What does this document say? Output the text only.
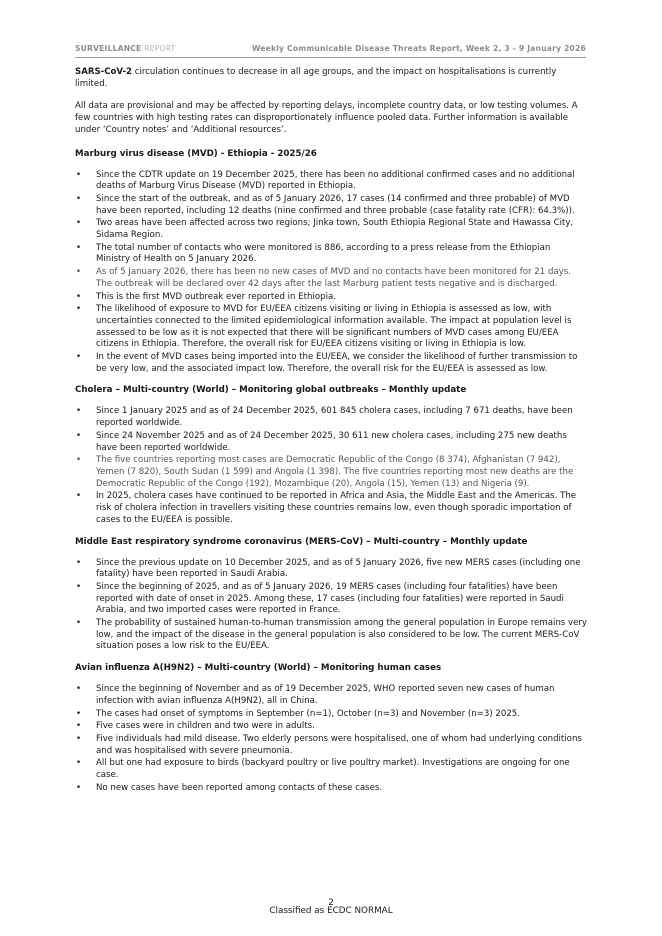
SURVEILLANCE REPORT	Weekly Communicable Disease Threats Report, Week 2, 3 - 9 January 2026

SARS-CoV-2 circulation continues to decrease in all age groups, and the impact on hospitalisations is currently limited.

All data are provisional and may be affected by reporting delays, incomplete country data, or low testing volumes. A few countries with high testing rates can disproportionately influence pooled data. Further information is available under ‘Country notes’ and ‘Additional resources’.

Marburg virus disease (MVD) - Ethiopia - 2025/26
• Since the CDTR update on 19 December 2025, there has been no additional confirmed cases and no additional deaths of Marburg Virus Disease (MVD) reported in Ethiopia.
• Since the start of the outbreak, and as of 5 January 2026, 17 cases (14 confirmed and three probable) of MVD have been reported, including 12 deaths (nine confirmed and three probable (case fatality rate (CFR): 64.3%)).
• Two areas have been affected across two regions; Jinka town, South Ethiopia Regional State and Hawassa City, Sidama Region.
• The total number of contacts who were monitored is 886, according to a press release from the Ethiopian Ministry of Health on 5 January 2026.
• As of 5 January 2026, there has been no new cases of MVD and no contacts have been monitored for 21 days. The outbreak will be declared over 42 days after the last Marburg patient tests negative and is discharged.
• This is the first MVD outbreak ever reported in Ethiopia.
• The likelihood of exposure to MVD for EU/EEA citizens visiting or living in Ethiopia is assessed as low, with uncertainties connected to the limited epidemiological information available. The impact at population level is assessed to be low as it is not expected that there will be significant numbers of MVD cases among EU/EEA citizens in Ethiopia. Therefore, the overall risk for EU/EEA citizens visiting or living in Ethiopia is low.
• In the event of MVD cases being imported into the EU/EEA, we consider the likelihood of further transmission to be very low, and the associated impact low. Therefore, the overall risk for the EU/EEA is assessed as low.
Cholera – Multi-country (World) – Monitoring global outbreaks – Monthly update
• Since 1 January 2025 and as of 24 December 2025, 601 845 cholera cases, including 7 671 deaths, have been reported worldwide.
• Since 24 November 2025 and as of 24 December 2025, 30 611 new cholera cases, including 275 new deaths have been reported worldwide.
• The five countries reporting most cases are Democratic Republic of the Congo (8 374), Afghanistan (7 942), Yemen (7 820), South Sudan (1 599) and Angola (1 398). The five countries reporting most new deaths are the Democratic Republic of the Congo (192), Mozambique (20), Angola (15), Yemen (13) and Nigeria (9).
• In 2025, cholera cases have continued to be reported in Africa and Asia, the Middle East and the Americas. The risk of cholera infection in travellers visiting these countries remains low, even though sporadic importation of cases to the EU/EEA is possible.
Middle East respiratory syndrome coronavirus (MERS-CoV) – Multi-country – Monthly update
• Since the previous update on 10 December 2025, and as of 5 January 2026, five new MERS cases (including one fatality) have been reported in Saudi Arabia.
• Since the beginning of 2025, and as of 5 January 2026, 19 MERS cases (including four fatalities) have been reported with date of onset in 2025. Among these, 17 cases (including four fatalities) were reported in Saudi Arabia, and two imported cases were reported in France.
• The probability of sustained human-to-human transmission among the general population in Europe remains very low, and the impact of the disease in the general population is also considered to be low. The current MERS-CoV situation poses a low risk to the EU/EEA.
Avian influenza A(H9N2) – Multi-country (World) – Monitoring human cases
• Since the beginning of November and as of 19 December 2025, WHO reported seven new cases of human infection with avian influenza A(H9N2), all in China.
• The cases had onset of symptoms in September (n=1), October (n=3) and November (n=3) 2025.
• Five cases were in children and two were in adults.
• Five individuals had mild disease. Two elderly persons were hospitalised, one of whom had underlying conditions and was hospitalised with severe pneumonia.
• All but one had exposure to birds (backyard poultry or live poultry market). Investigations are ongoing for one case.
• No new cases have been reported among contacts of these cases.
2
Classified as ECDC NORMAL
